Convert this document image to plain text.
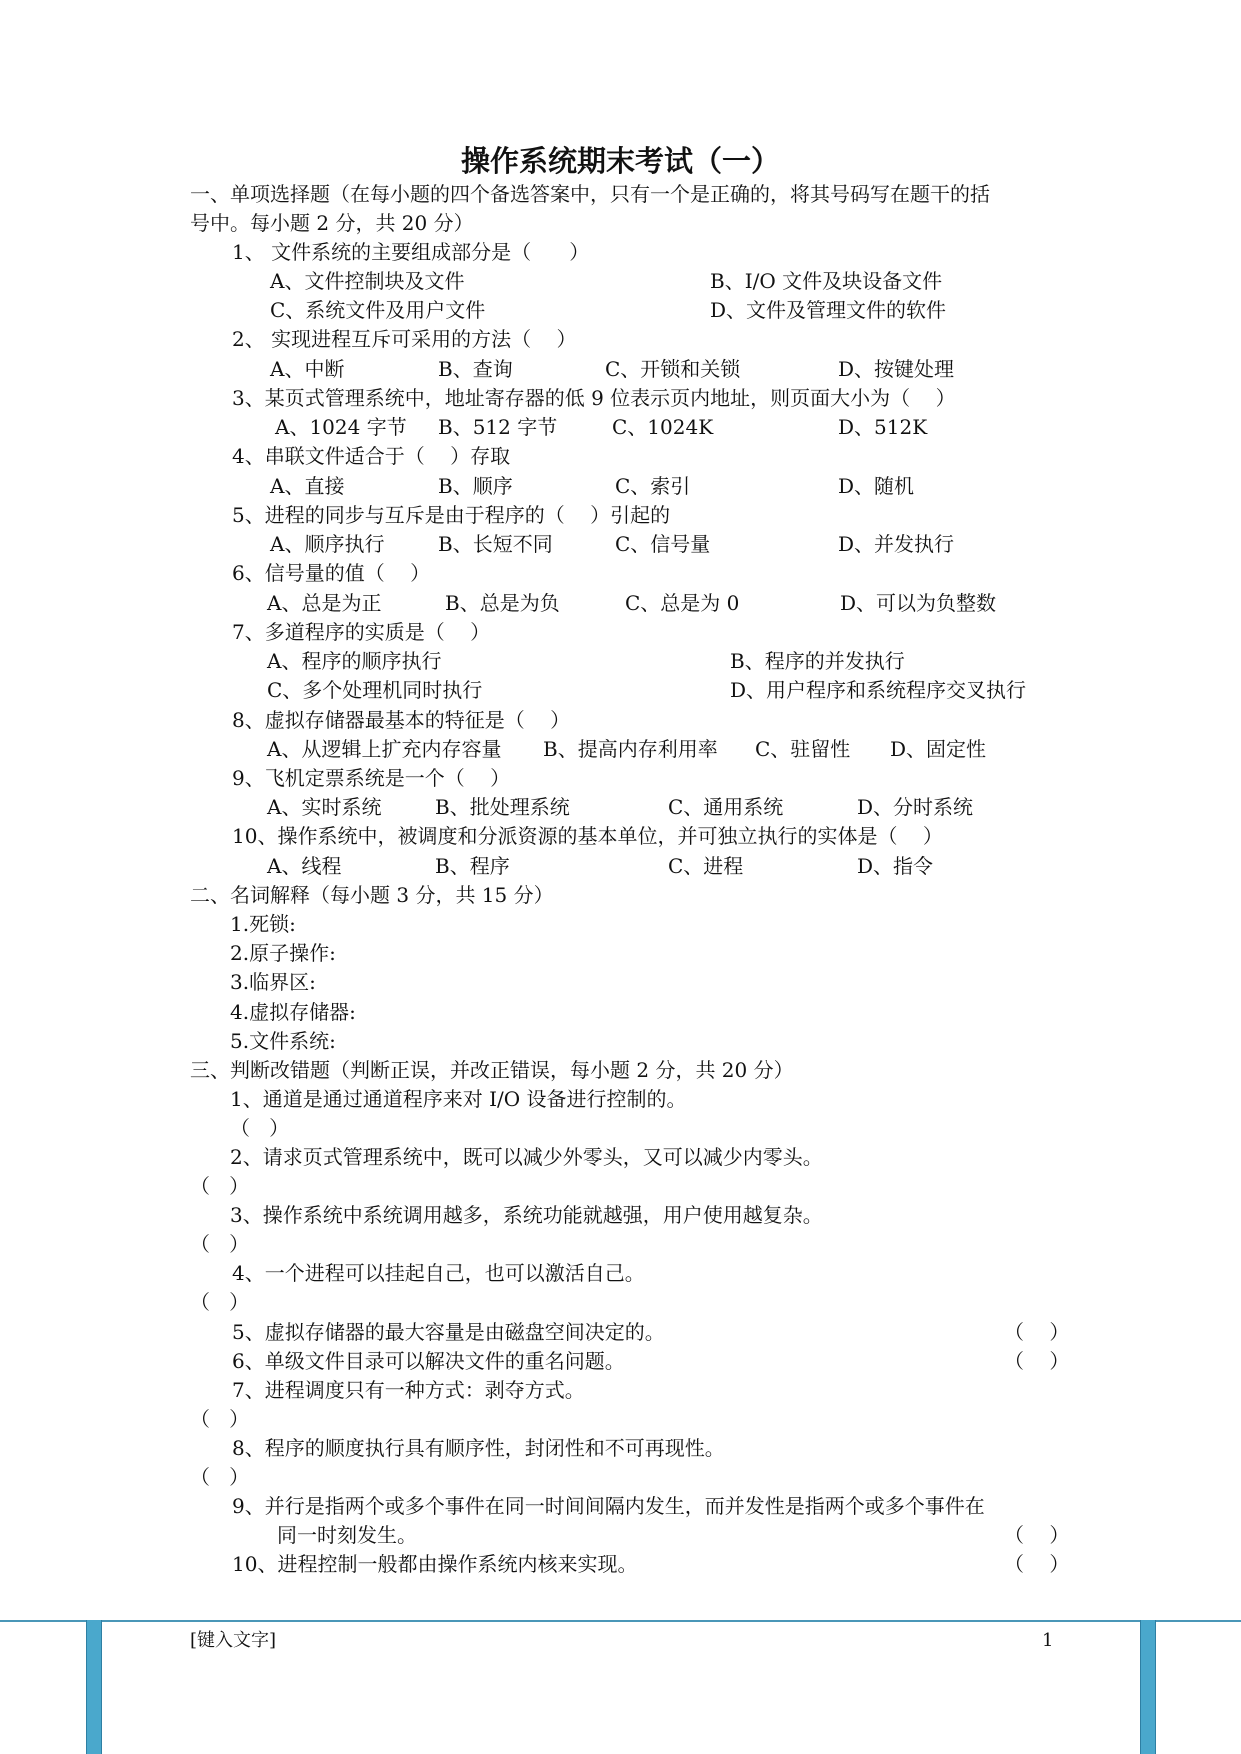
操作系统期末考试（一）

一、单项选择题（在每小题的四个备选答案中，只有一个是正确的，将其号码写在题干的括

号中。每小题 2 分，共 20 分）

1、 文件系统的主要组成部分是（      ）

A、文件控制块及文件	B、I/O 文件及块设备文件

C、系统文件及用户文件	D、文件及管理文件的软件

2、 实现进程互斥可采用的方法（    ）

A、中断	B、查询	C、开锁和关锁	D、按键处理

3、某页式管理系统中，地址寄存器的低 9 位表示页内地址，则页面大小为（    ）

A、1024 字节 B、512 字节	C、1024K	D、512K

4、串联文件适合于（    ）存取

A、直接	B、顺序	C、索引	D、随机

5、进程的同步与互斥是由于程序的（    ）引起的

A、顺序执行	B、长短不同	C、信号量	D、并发执行

6、信号量的值（    ）

A、总是为正	B、总是为负	C、总是为 0	D、可以为负整数

7、多道程序的实质是（    ）

A、程序的顺序执行	B、程序的并发执行

C、多个处理机同时执行	D、用户程序和系统程序交叉执行

8、虚拟存储器最基本的特征是（    ）

A、从逻辑上扩充内存容量 B、提高内存利用率 C、驻留性 D、固定性

9、飞机定票系统是一个（    ）

A、实时系统	B、批处理系统	C、通用系统	D、分时系统

10、操作系统中，被调度和分派资源的基本单位，并可独立执行的实体是（    ）

A、线程	B、程序	C、进程	D、指令

二、名词解释（每小题 3 分，共 15 分）

1.死锁:

2.原子操作:

3.临界区:

4.虚拟存储器:

5.文件系统:

三、判断改错题（判断正误，并改正错误，每小题 2 分，共 20 分）

1、通道是通过通道程序来对 I/O 设备进行控制的。

（   ）

2、请求页式管理系统中，既可以减少外零头，又可以减少内零头。

（   ）

3、操作系统中系统调用越多，系统功能就越强，用户使用越复杂。

（   ）

4、一个进程可以挂起自己，也可以激活自己。

（   ）

5、虚拟存储器的最大容量是由磁盘空间决定的。	（    ）

6、单级文件目录可以解决文件的重名问题。	（    ）

7、进程调度只有一种方式：剥夺方式。

（   ）

8、程序的顺度执行具有顺序性，封闭性和不可再现性。

（   ）

9、并行是指两个或多个事件在同一时间间隔内发生，而并发性是指两个或多个事件在

同一时刻发生。	（    ）

10、进程控制一般都由操作系统内核来实现。	（    ）

[键入文字]	1
